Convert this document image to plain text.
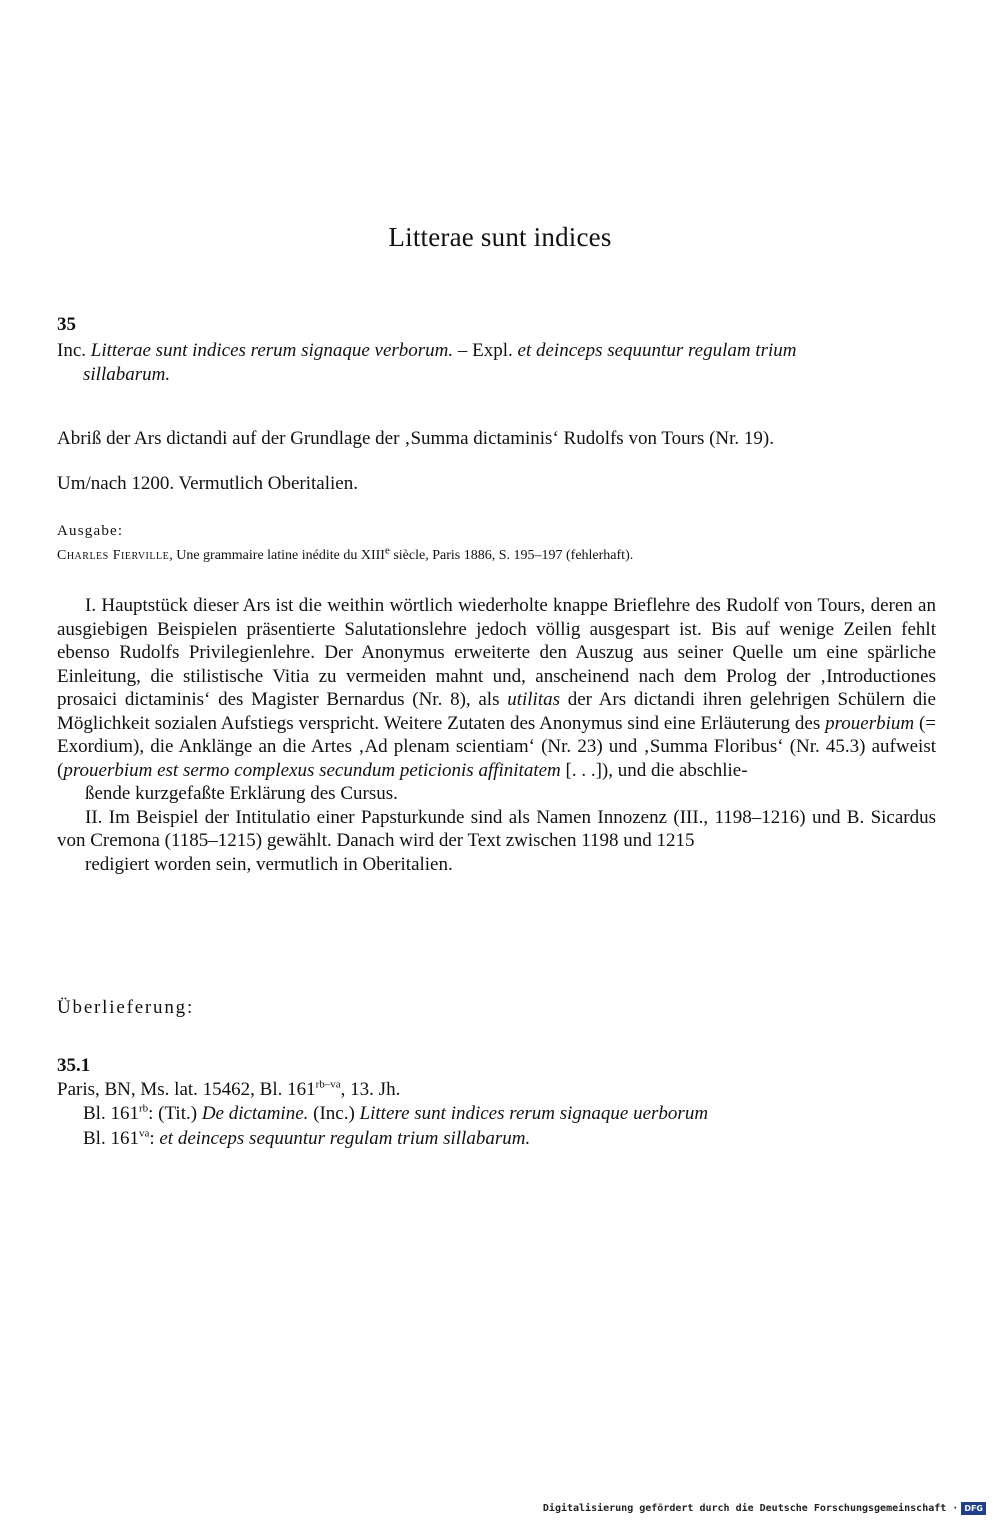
Litterae sunt indices
35
Inc. Litterae sunt indices rerum signaque verborum. – Expl. et deinceps sequuntur regulam trium
sillabarum.
Abriß der Ars dictandi auf der Grundlage der ‚Summa dictaminis‘ Rudolfs von Tours (Nr. 19).
Um/nach 1200. Vermutlich Oberitalien.
Ausgabe:
Charles Fierville, Une grammaire latine inédite du XIIIe siècle, Paris 1886, S. 195–197 (fehlerhaft).

I. Hauptstück dieser Ars ist die weithin wörtlich wiederholte knappe Brieflehre des Rudolf von Tours, deren an ausgiebigen Beispielen präsentierte Salutationslehre jedoch völlig ausgespart ist. Bis auf wenige Zeilen fehlt ebenso Rudolfs Privilegienlehre. Der Anonymus erweiterte den Auszug aus seiner Quelle um eine spärliche Einleitung, die stilistische Vitia zu vermeiden mahnt und, anscheinend nach dem Prolog der ‚Introductiones prosaici dictaminis‘ des Magister Bernardus (Nr. 8), als utilitas der Ars dictandi ihren gelehrigen Schülern die Möglichkeit sozialen Aufstiegs verspricht. Weitere Zutaten des Anonymus sind eine Erläuterung des prouerbium (= Exordium), die Anklänge an die Artes ‚Ad plenam scientiam‘ (Nr. 23) und ‚Summa Floribus‘ (Nr. 45.3) aufweist (prouerbium est sermo complexus secundum peticionis affinitatem [. . .]), und die abschlie-
ßende kurzgefaßte Erklärung des Cursus.

II. Im Beispiel der Intitulatio einer Papsturkunde sind als Namen Innozenz (III., 1198–1216) und B. Sicardus von Cremona (1185–1215) gewählt. Danach wird der Text zwischen 1198 und 1215
redigiert worden sein, vermutlich in Oberitalien.

Überlieferung:
35.1
Paris, BN, Ms. lat. 15462, Bl. $161^{rb-va}$, 13. Jh.
Bl. $161^{rb}$: (Tit.) De dictamine. (Inc.) Littere sunt indices rerum signaque uerborum
Bl. $161^{va}$: et deinceps sequuntur regulam trium sillabarum.
Digitalisierung gefördert durch die Deutsche Forschungsgemeinschaft · DFG
